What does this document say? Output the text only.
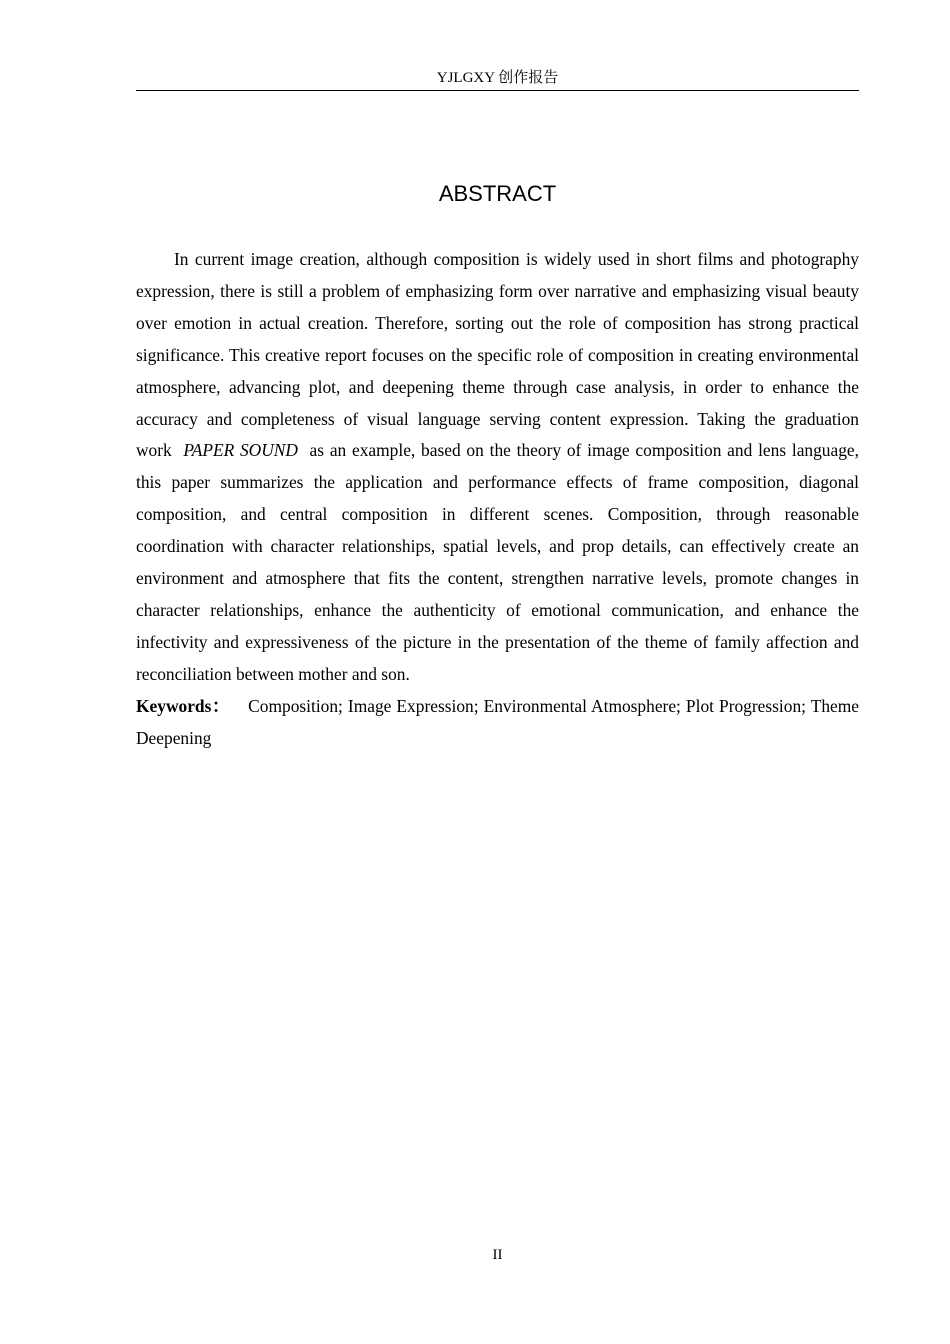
YJLGXY 创作报告
ABSTRACT

In current image creation, although composition is widely used in short films and photography expression, there is still a problem of emphasizing form over narrative and emphasizing visual beauty over emotion in actual creation. Therefore, sorting out the role of composition has strong practical significance. This creative report focuses on the specific role of composition in creating environmental atmosphere, advancing plot, and deepening theme through case analysis, in order to enhance the accuracy and completeness of visual language serving content expression. Taking the graduation work PAPER SOUND as an example, based on the theory of image composition and lens language, this paper summarizes the application and performance effects of frame composition, diagonal composition, and central composition in different scenes. Composition, through reasonable coordination with character relationships, spatial levels, and prop details, can effectively create an environment and atmosphere that fits the content, strengthen narrative levels, promote changes in character relationships, enhance the authenticity of emotional communication, and enhance the infectivity and expressiveness of the picture in the presentation of the theme of family affection and reconciliation between mother and son.

Keywords： Composition; Image Expression; Environmental Atmosphere; Plot Progression; Theme Deepening

II
